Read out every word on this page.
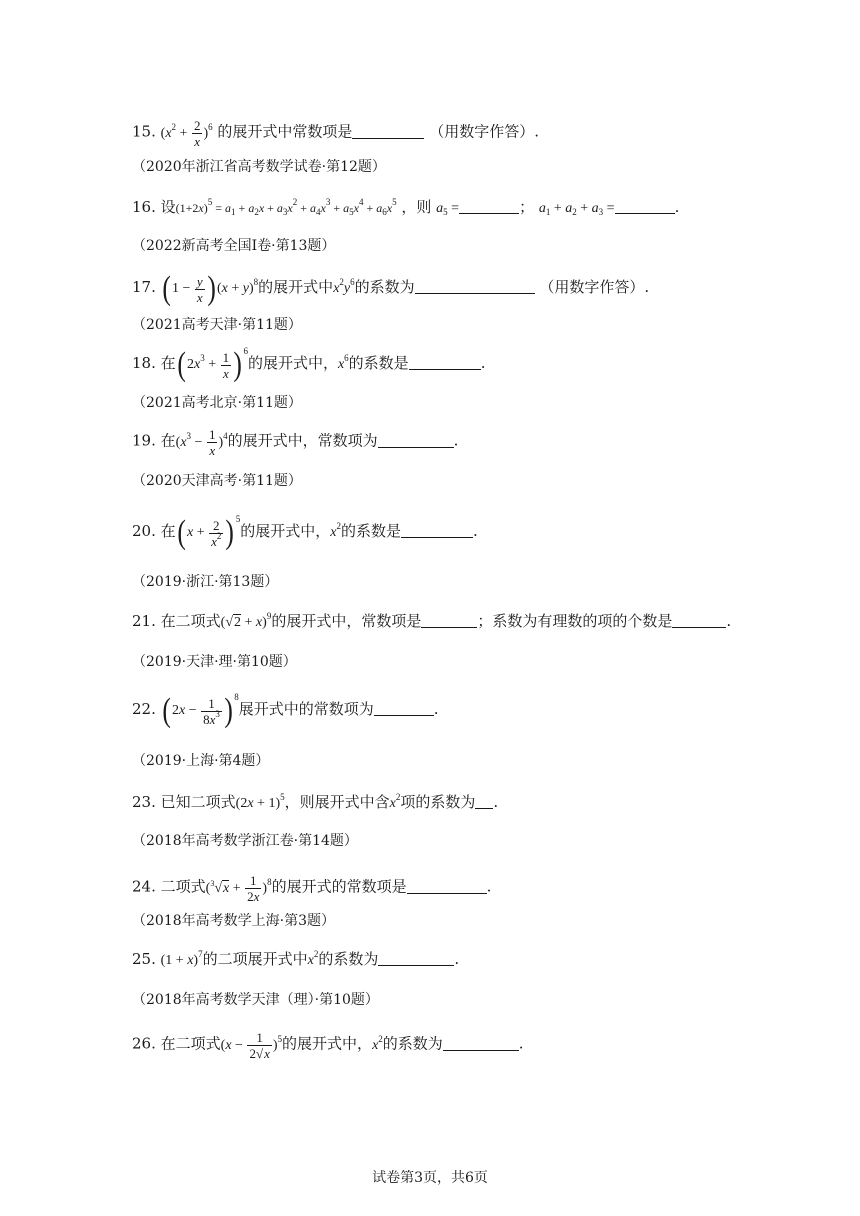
15. $(x^2 + \frac{2}{x} )^6$ 的展开式中常数项是	（用数字作答）.
（2020年浙江省高考数学试卷·第12题）
16. 设$(1+2x)^5 = a_1 + a_2x + a_3x^2 + a_4x^3 + a_5x^4 + a_6x^5$ ，则 $a_5$ =	； $a_1 + a_2 + a_3$ =	.
（2022新高考全国I卷·第13题）
17. $(1 - \frac{y}{x} )(x + y)^8$的展开式中$x^2y^6$的系数为	（用数字作答）.
（2021高考天津·第11题）
18. 在$(2x^3 + \frac{1}{x} )^6$的展开式中，$x^6$的系数是	.
（2021高考北京·第11题）
19. 在$(x^3 - \frac{1}{x} )^4$的展开式中，常数项为	.
（2020天津高考·第11题）
20. 在$(x + \frac{2}{x^2} )^5$的展开式中，$x^2$的系数是	.
（2019·浙江·第13题）
21. 在二项式$(√2 + x)^9$的展开式中，常数项是	；系数为有理数的项的个数是	.
（2019·天津·理·第10题）
22. $(2x - \frac{1}{8x^3} )^8$展开式中的常数项为	.
（2019·上海·第4题）
23. 已知二项式$(2x + 1)^5$，则展开式中含$x^2$项的系数为 .
（2018年高考数学浙江卷·第14题）
24. 二项式$(^3√x + \frac{1}{2x} )^8$的展开式的常数项是	.
（2018年高考数学上海·第3题）
25. $(1 + x)^7$的二项展开式中$x^2$的系数为	.
（2018年高考数学天津（理）·第10题）
26. 在二项式$(x - \frac{1}{2√x} )^5$的展开式中，$x^2$的系数为	.
试卷第3页，共6页
